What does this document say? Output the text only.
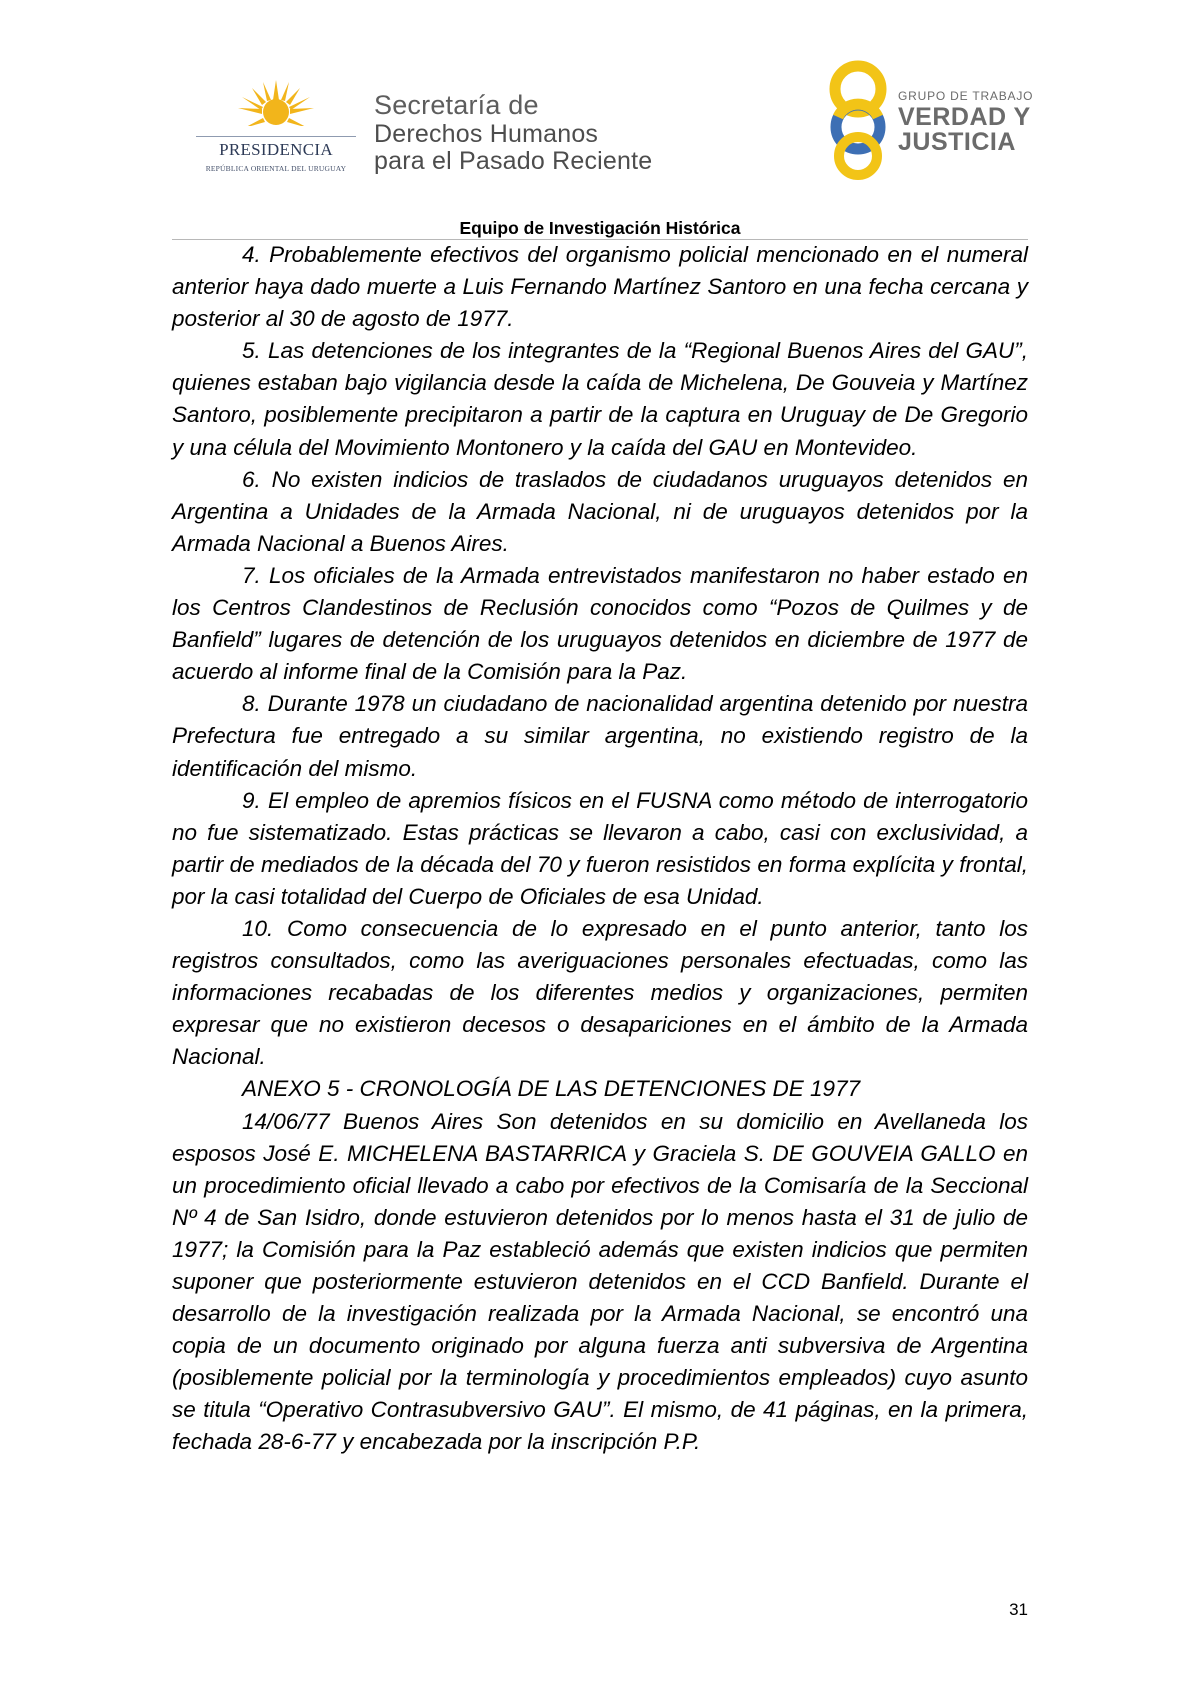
PRESIDENCIA
REPÚBLICA ORIENTAL DEL URUGUAY
Secretaría de
Derechos Humanos
para el Pasado Reciente
GRUPO DE TRABAJO
VERDAD Y
JUSTICIA
Equipo de Investigación Histórica

4. Probablemente efectivos del organismo policial mencionado en el numeral anterior haya dado muerte a Luis Fernando Martínez Santoro en una fecha cercana y posterior al 30 de agosto de 1977.

5. Las detenciones de los integrantes de la “Regional Buenos Aires del GAU”, quienes estaban bajo vigilancia desde la caída de Michelena, De Gouveia y Martínez Santoro, posiblemente precipitaron a partir de la captura en Uruguay de De Gregorio y una célula del Movimiento Montonero y la caída del GAU en Montevideo.

6. No existen indicios de traslados de ciudadanos uruguayos detenidos en Argentina a Unidades de la Armada Nacional, ni de uruguayos detenidos por la Armada Nacional a Buenos Aires.

7. Los oficiales de la Armada entrevistados manifestaron no haber estado en los Centros Clandestinos de Reclusión conocidos como “Pozos de Quilmes y de Banfield” lugares de detención de los uruguayos detenidos en diciembre de 1977 de acuerdo al informe final de la Comisión para la Paz.

8. Durante 1978 un ciudadano de nacionalidad argentina detenido por nuestra Prefectura fue entregado a su similar argentina, no existiendo registro de la identificación del mismo.

9. El empleo de apremios físicos en el FUSNA como método de interrogatorio no fue sistematizado. Estas prácticas se llevaron a cabo, casi con exclusividad, a partir de mediados de la década del 70 y fueron resistidos en forma explícita y frontal, por la casi totalidad del Cuerpo de Oficiales de esa Unidad.

10. Como consecuencia de lo expresado en el punto anterior, tanto los registros consultados, como las averiguaciones personales efectuadas, como las informaciones recabadas de los diferentes medios y organizaciones, permiten expresar que no existieron decesos o desapariciones en el ámbito de la Armada Nacional.

ANEXO 5 - CRONOLOGÍA DE LAS DETENCIONES DE 1977

14/06/77 Buenos Aires Son detenidos en su domicilio en Avellaneda los esposos José E. MICHELENA BASTARRICA y Graciela S. DE GOUVEIA GALLO en un procedimiento oficial llevado a cabo por efectivos de la Comisaría de la Seccional Nº 4 de San Isidro, donde estuvieron detenidos por lo menos hasta el 31 de julio de 1977; la Comisión para la Paz estableció además que existen indicios que permiten suponer que posteriormente estuvieron detenidos en el CCD Banfield. Durante el desarrollo de la investigación realizada por la Armada Nacional, se encontró una copia de un documento originado por alguna fuerza anti subversiva de Argentina (posiblemente policial por la terminología y procedimientos empleados) cuyo asunto se titula “Operativo Contrasubversivo GAU”. El mismo, de 41 páginas, en la primera, fechada 28-6-77 y encabezada por la inscripción P.P.

31
